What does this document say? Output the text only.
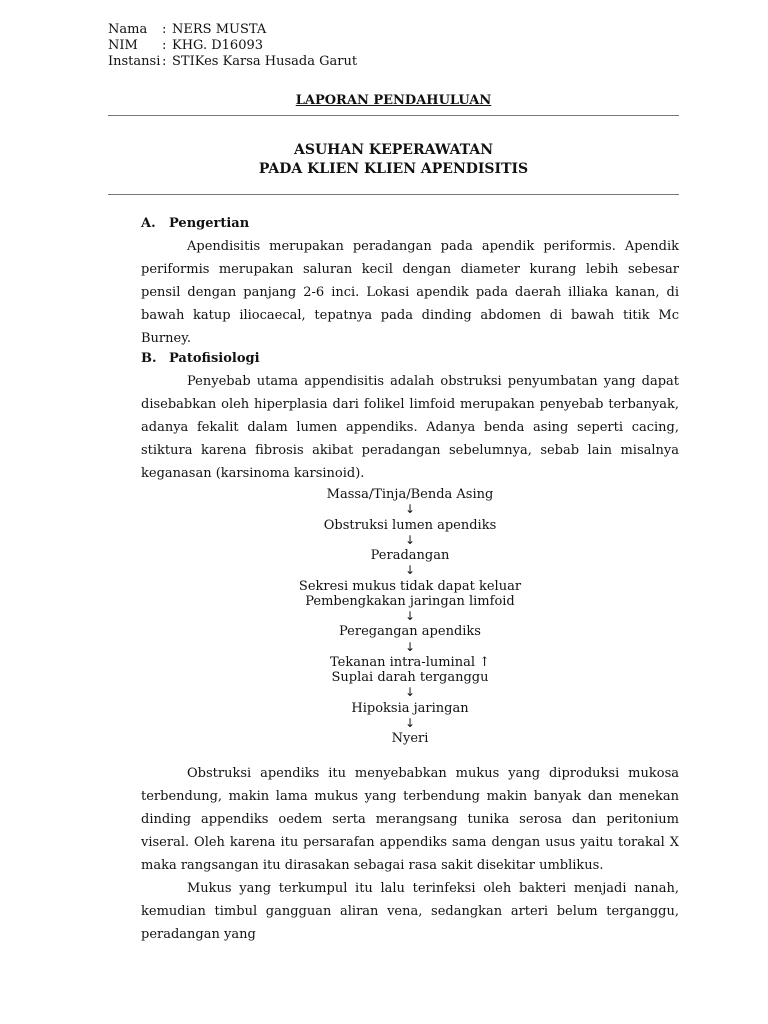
Nama	: NERS MUSTA
NIM	: KHG. D16093
Instansi : STIKes Karsa Husada Garut
LAPORAN PENDAHULUAN
ASUHAN KEPERAWATAN
PADA KLIEN KLIEN APENDISITIS
A. Pengertian

Apendisitis merupakan peradangan pada apendik periformis. Apendik periformis merupakan saluran kecil dengan diameter kurang lebih sebesar pensil dengan panjang 2-6 inci. Lokasi apendik pada daerah illiaka kanan, di bawah katup iliocaecal, tepatnya pada dinding abdomen di bawah titik Mc Burney.

B. Patofisiologi

Penyebab utama appendisitis adalah obstruksi penyumbatan yang dapat disebabkan oleh hiperplasia dari folikel limfoid merupakan penyebab terbanyak, adanya fekalit dalam lumen appendiks. Adanya benda asing seperti cacing, stiktura karena fibrosis akibat peradangan sebelumnya, sebab lain misalnya keganasan (karsinoma karsinoid).

Massa/Tinja/Benda Asing
↓
Obstruksi lumen apendiks
↓
Peradangan
↓
Sekresi mukus tidak dapat keluar
Pembengkakan jaringan limfoid
↓
Peregangan apendiks
↓
Tekanan intra-luminal ↑
Suplai darah terganggu
↓
Hipoksia jaringan
↓
Nyeri

Obstruksi apendiks itu menyebabkan mukus yang diproduksi mukosa terbendung, makin lama mukus yang terbendung makin banyak dan menekan dinding appendiks oedem serta merangsang tunika serosa dan peritonium viseral. Oleh karena itu persarafan appendiks sama dengan usus yaitu torakal X maka rangsangan itu dirasakan sebagai rasa sakit disekitar umblikus.

Mukus yang terkumpul itu lalu terinfeksi oleh bakteri menjadi nanah, kemudian timbul gangguan aliran vena, sedangkan arteri belum terganggu, peradangan yang
